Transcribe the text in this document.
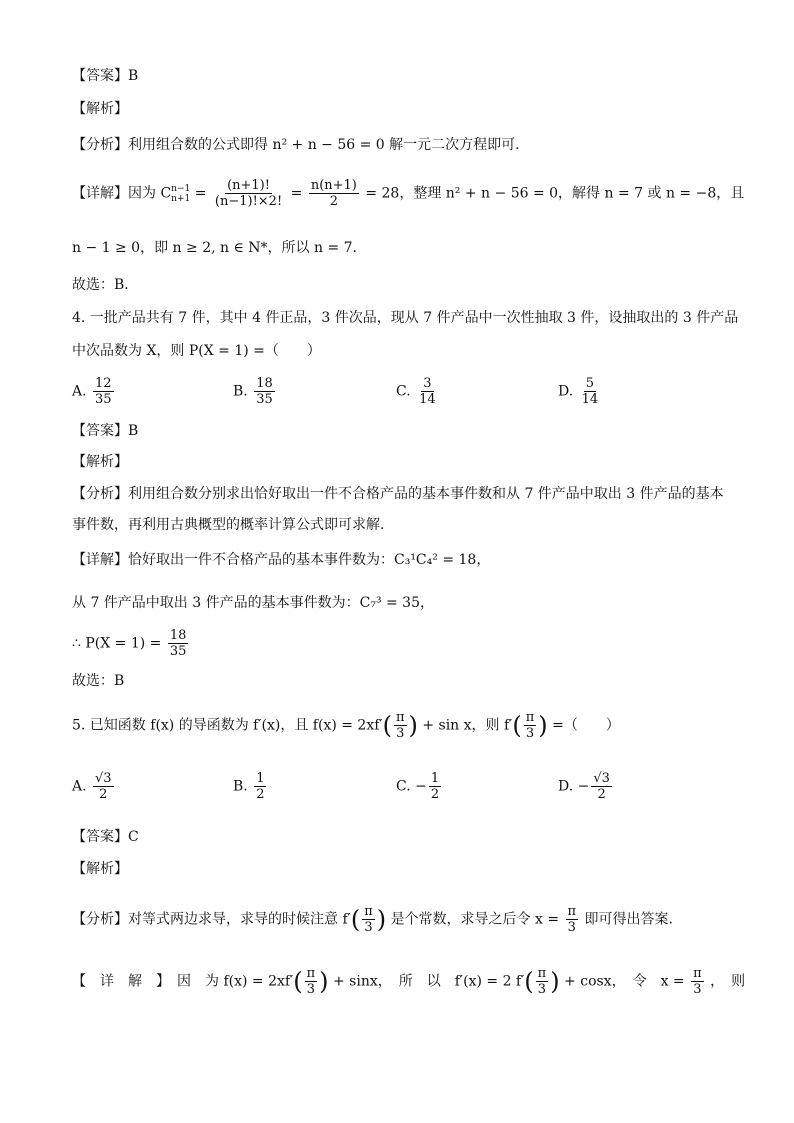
【答案】B
【解析】
【分析】利用组合数的公式即得 n² + n − 56 = 0 解一元二次方程即可.
【详解】因为 C n−1
$n+1 = \frac{(n+1)!}{(n-1)!\times 2!} = \frac{n(n+1)}{2} = 28$，整理 n² + n − 56 = 0，解得 n = 7 或 n = −8，且
n − 1 ≥ 0，即 n ≥ 2, n ∈ N*，所以 n = 7．
故选：B．
4. 一批产品共有 7 件，其中 4 件正品，3 件次品，现从 7 件产品中一次性抽取 3 件，设抽取出的 3 件产品
中次品数为 X，则 P(X = 1) =（　　）
A. $\frac{12}{35}$	B. $\frac{18}{35}$	C. $\frac{3}{14}$	D. $\frac{5}{14}$
【答案】B
【解析】
【分析】利用组合数分别求出恰好取出一件不合格产品的基本事件数和从 7 件产品中取出 3 件产品的基本
事件数，再利用古典概型的概率计算公式即可求解.
【详解】恰好取出一件不合格产品的基本事件数为：C₃¹C₄² = 18，
从 7 件产品中取出 3 件产品的基本事件数为：C₇³ = 35，
∴ $P(X = 1) = \frac{18}{35}$
故选：B
5. 已知函数 f(x) 的导函数为 f′(x)，且 $f(x) = 2xf'( \frac{\pi}{3}$ ) + sin x，则 $f'( \frac{\pi}{3}$ ) =（　　）
A. $\frac{√3}{2}$	B. $\frac{1}{2}$	C. − $\frac{1}{2}$	D. − $\frac{√3}{2}$
【答案】C
【解析】
【分析】对等式两边求导，求导的时候注意 $f'( \frac{\pi}{3}$ ) 是个常数，求导之后令 $x = \frac{\pi}{3}$ 即可得出答案.
【　详　解　】　因　为 $f(x) = 2xf'( \frac{\pi}{3}$ ) + sinx，　所　以　f′(x) = 2 $f'( \frac{\pi}{3}$ ) + cosx，　令　$x = \frac{\pi}{3}$ ，　则
